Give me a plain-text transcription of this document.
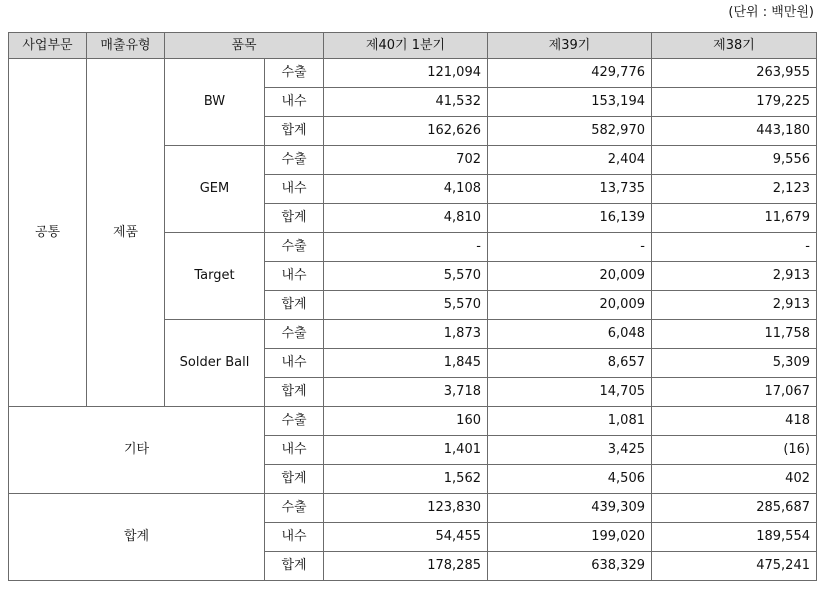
(단위 : 백만원)
사업부문	매출유형	품목		제40기 1분기	제39기	제38기
공통	제품	BW	수출	121,094	429,776	263,955
			내수	41,532	153,194	179,225
			합계	162,626	582,970	443,180
		GEM	수출	702	2,404	9,556
			내수	4,108	13,735	2,123
			합계	4,810	16,139	11,679
		Target	수출	-	-	-
			내수	5,570	20,009	2,913
			합계	5,570	20,009	2,913
		Solder Ball	수출	1,873	6,048	11,758
			내수	1,845	8,657	5,309
			합계	3,718	14,705	17,067
기타			수출	160	1,081	418
			내수	1,401	3,425	(16)
			합계	1,562	4,506	402
합계			수출	123,830	439,309	285,687
			내수	54,455	199,020	189,554
			합계	178,285	638,329	475,241
